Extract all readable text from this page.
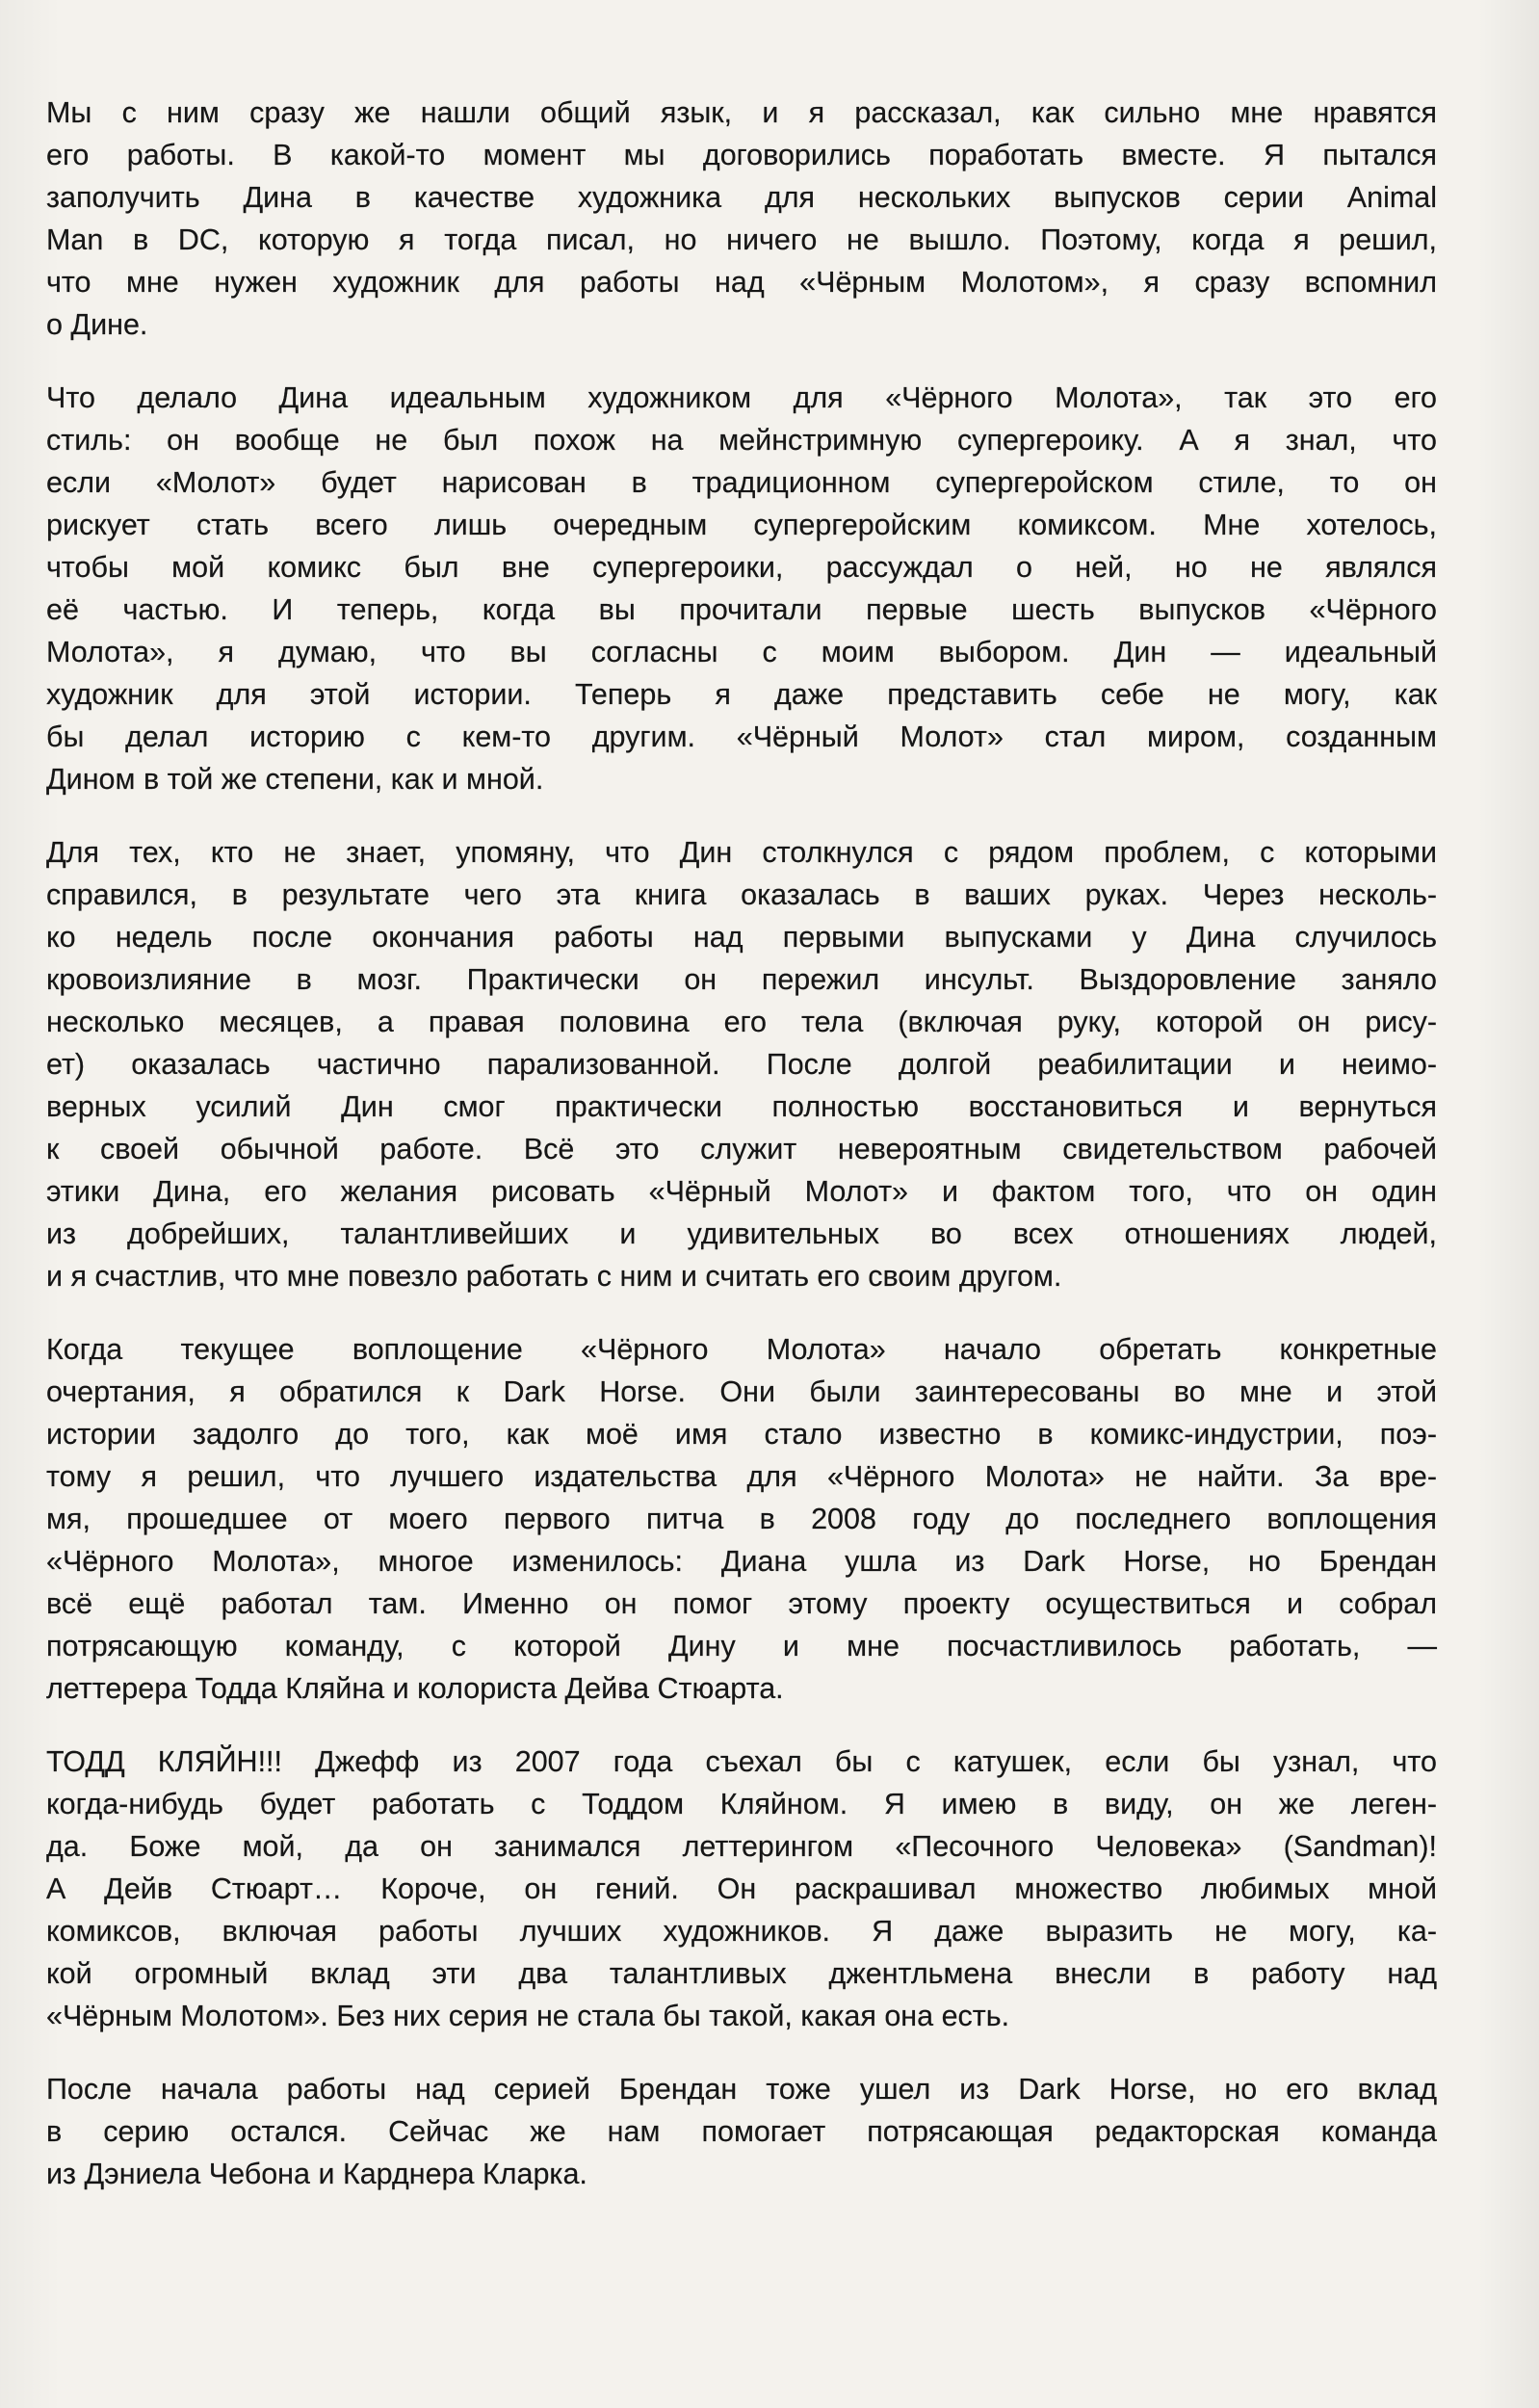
Мы с ним сразу же нашли общий язык, и я рассказал, как сильно мне нравятся
его работы. В какой-то момент мы договорились поработать вместе. Я пытался
заполучить Дина в качестве художника для нескольких выпусков серии Animal
Man в DC, которую я тогда писал, но ничего не вышло. Поэтому, когда я решил,
что мне нужен художник для работы над «Чёрным Молотом», я сразу вспомнил
о Дине.

Что делало Дина идеальным художником для «Чёрного Молота», так это его
стиль: он вообще не был похож на мейнстримную супергероику. А я знал, что
если «Молот» будет нарисован в традиционном супергеройском стиле, то он
рискует стать всего лишь очередным супергеройским комиксом. Мне хотелось,
чтобы мой комикс был вне супергероики, рассуждал о ней, но не являлся
её частью. И теперь, когда вы прочитали первые шесть выпусков «Чёрного
Молота», я думаю, что вы согласны с моим выбором. Дин — идеальный
художник для этой истории. Теперь я даже представить себе не могу, как
бы делал историю с кем-то другим. «Чёрный Молот» стал миром, созданным
Дином в той же степени, как и мной.

Для тех, кто не знает, упомяну, что Дин столкнулся с рядом проблем, с которыми
справился, в результате чего эта книга оказалась в ваших руках. Через несколь-
ко недель после окончания работы над первыми выпусками у Дина случилось
кровоизлияние в мозг. Практически он пережил инсульт. Выздоровление заняло
несколько месяцев, а правая половина его тела (включая руку, которой он рису-
ет) оказалась частично парализованной. После долгой реабилитации и неимо-
верных усилий Дин смог практически полностью восстановиться и вернуться
к своей обычной работе. Всё это служит невероятным свидетельством рабочей
этики Дина, его желания рисовать «Чёрный Молот» и фактом того, что он один
из добрейших, талантливейших и удивительных во всех отношениях людей,
и я счастлив, что мне повезло работать с ним и считать его своим другом.

Когда текущее воплощение «Чёрного Молота» начало обретать конкретные
очертания, я обратился к Dark Horse. Они были заинтересованы во мне и этой
истории задолго до того, как моё имя стало известно в комикс-индустрии, поэ-
тому я решил, что лучшего издательства для «Чёрного Молота» не найти. За вре-
мя, прошедшее от моего первого питча в 2008 году до последнего воплощения
«Чёрного Молота», многое изменилось: Диана ушла из Dark Horse, но Брендан
всё ещё работал там. Именно он помог этому проекту осуществиться и собрал
потрясающую команду, с которой Дину и мне посчастливилось работать, —
леттерера Тодда Кляйна и колориста Дейва Стюарта.

ТОДД КЛЯЙН!!! Джефф из 2007 года съехал бы с катушек, если бы узнал, что
когда-нибудь будет работать с Тоддом Кляйном. Я имею в виду, он же леген-
да. Боже мой, да он занимался леттерингом «Песочного Человека» (Sandman)!
А Дейв Стюарт… Короче, он гений. Он раскрашивал множество любимых мной
комиксов, включая работы лучших художников. Я даже выразить не могу, ка-
кой огромный вклад эти два талантливых джентльмена внесли в работу над
«Чёрным Молотом». Без них серия не стала бы такой, какая она есть.

После начала работы над серией Брендан тоже ушел из Dark Horse, но его вклад
в серию остался. Сейчас же нам помогает потрясающая редакторская команда
из Дэниела Чебона и Карднера Кларка.
